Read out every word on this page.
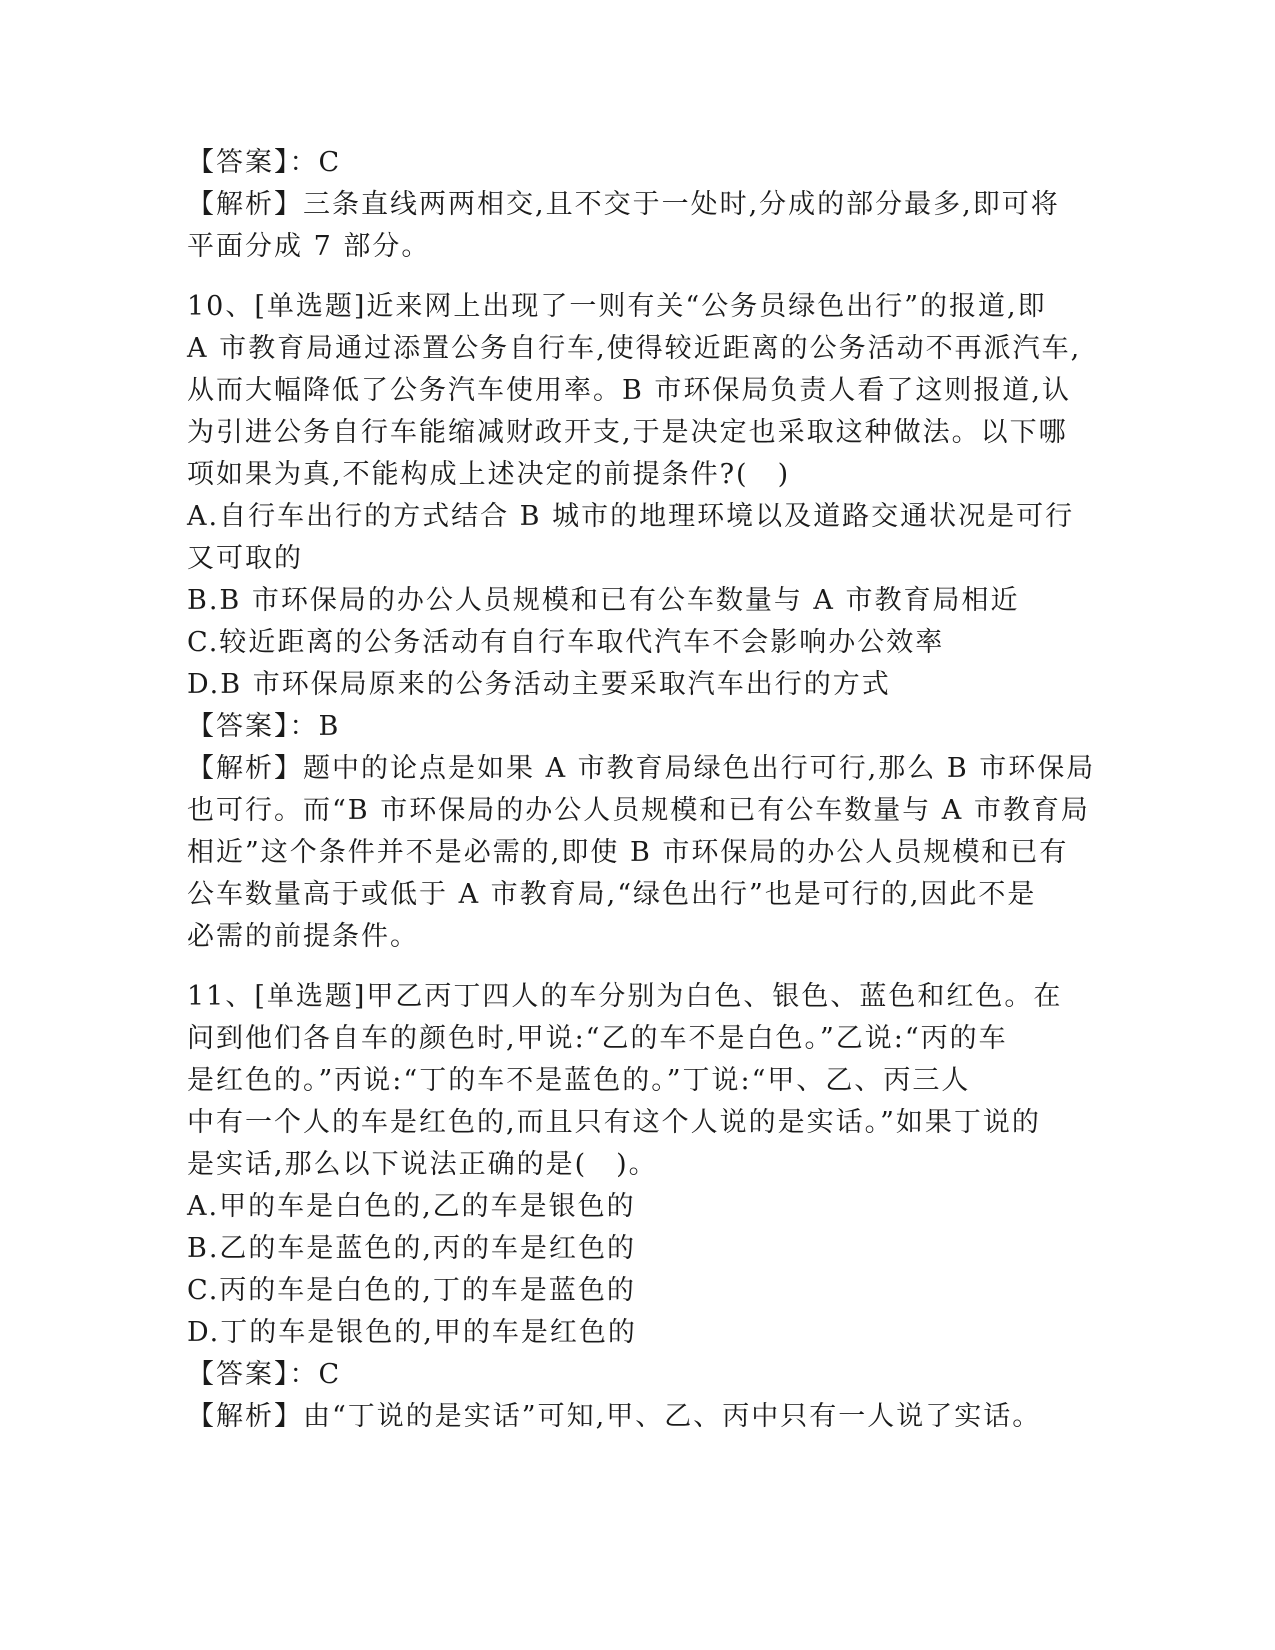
【答案】：C
【解析】三条直线两两相交,且不交于一处时,分成的部分最多,即可将
平面分成 7 部分。
10、[单选题]近来网上出现了一则有关“公务员绿色出行”的报道,即
A 市教育局通过添置公务自行车,使得较近距离的公务活动不再派汽车,
从而大幅降低了公务汽车使用率。B 市环保局负责人看了这则报道,认
为引进公务自行车能缩减财政开支,于是决定也采取这种做法。以下哪
项如果为真,不能构成上述决定的前提条件?(　)
A.自行车出行的方式结合 B 城市的地理环境以及道路交通状况是可行
又可取的
B.B 市环保局的办公人员规模和已有公车数量与 A 市教育局相近
C.较近距离的公务活动有自行车取代汽车不会影响办公效率
D.B 市环保局原来的公务活动主要采取汽车出行的方式
【答案】：B
【解析】题中的论点是如果 A 市教育局绿色出行可行,那么 B 市环保局
也可行。而“B 市环保局的办公人员规模和已有公车数量与 A 市教育局
相近”这个条件并不是必需的,即使 B 市环保局的办公人员规模和已有
公车数量高于或低于 A 市教育局,“绿色出行”也是可行的,因此不是
必需的前提条件。
11、[单选题]甲乙丙丁四人的车分别为白色、银色、蓝色和红色。在
问到他们各自车的颜色时,甲说:“乙的车不是白色。”乙说:“丙的车
是红色的。”丙说:“丁的车不是蓝色的。”丁说:“甲、乙、丙三人
中有一个人的车是红色的,而且只有这个人说的是实话。”如果丁说的
是实话,那么以下说法正确的是(　)。
A.甲的车是白色的,乙的车是银色的
B.乙的车是蓝色的,丙的车是红色的
C.丙的车是白色的,丁的车是蓝色的
D.丁的车是银色的,甲的车是红色的
【答案】：C
【解析】由“丁说的是实话”可知,甲、乙、丙中只有一人说了实话。
